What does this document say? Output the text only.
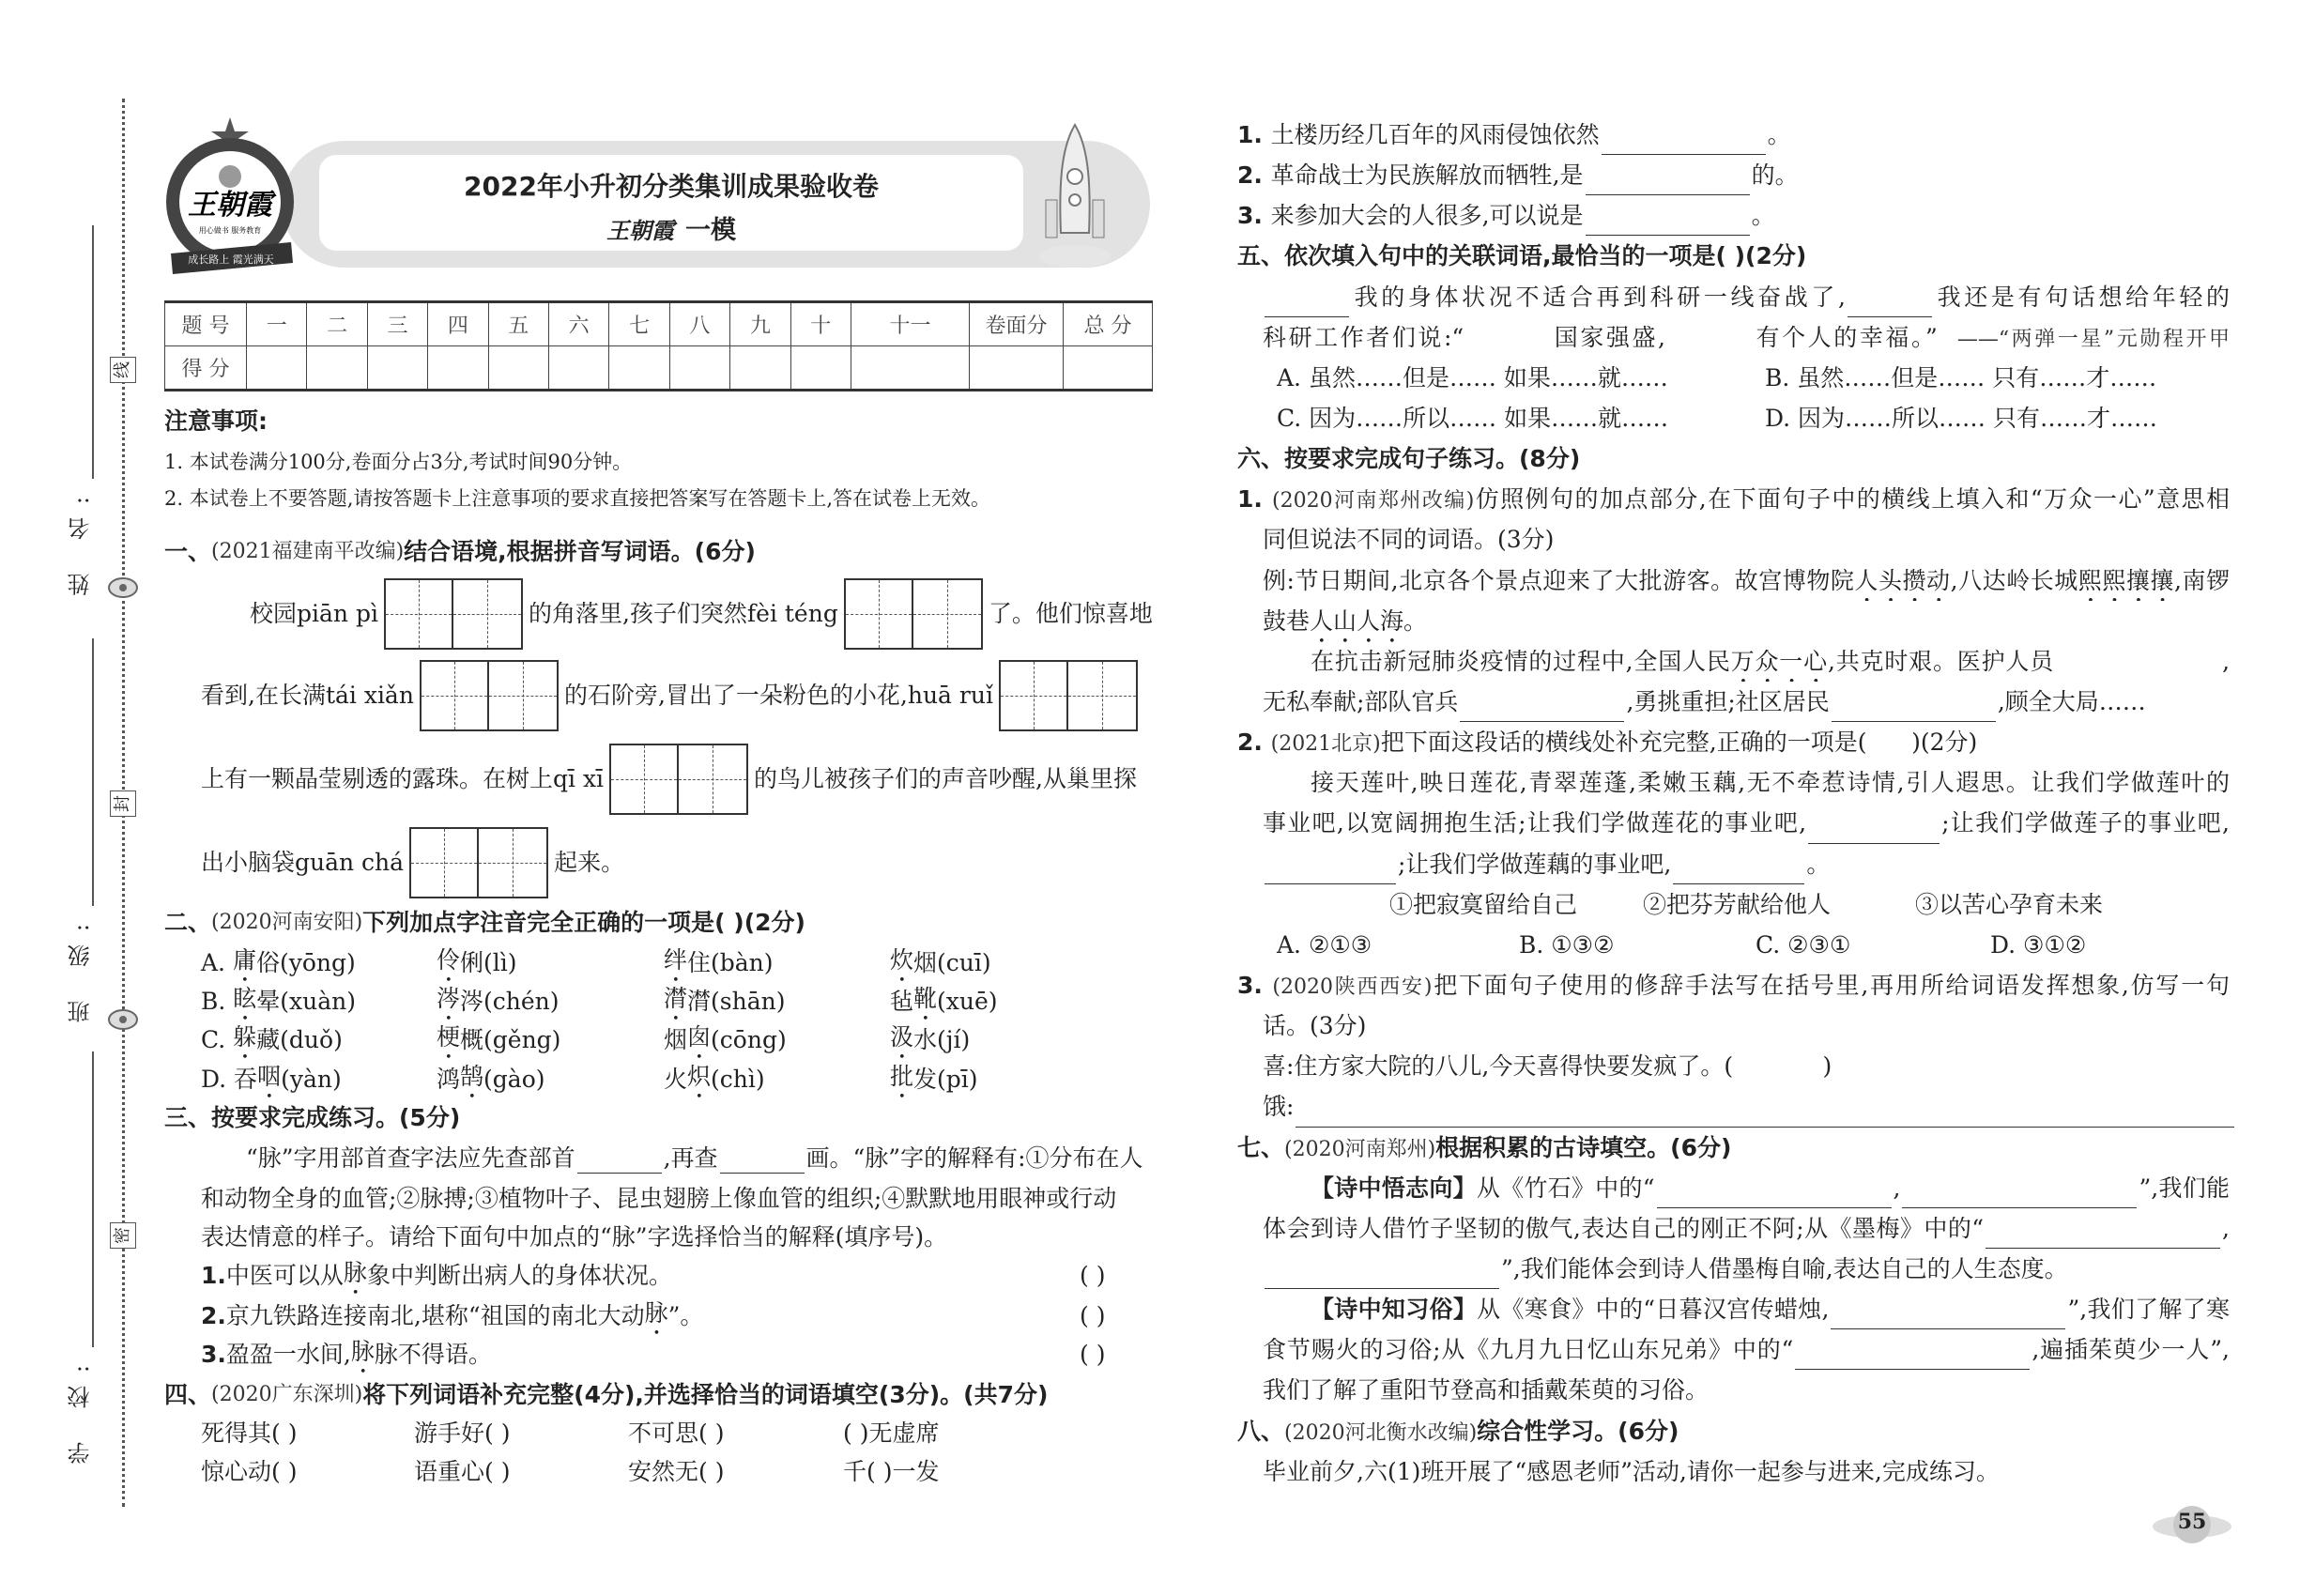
姓 名:
班 级:
学 校:
线
封
密
2022年小升初分类集训成果验收卷
王朝霞 一模
王朝霞
用心做书 服务教育
成长路上 霞光满天
题 号	一	二	三	四	五	六	七	八	九	十	十一	卷面分	总 分
得 分													
注意事项:
1. 本试卷满分100分,卷面分占3分,考试时间90分钟。
2. 本试卷上不要答题,请按答题卡上注意事项的要求直接把答案写在答题卡上,答在试卷上无效。
一、 (2021福建南平改编) 结合语境,根据拼音写词语。(6分)
校园piān pì	的角落里,孩子们突然fèi téng	了。他们惊喜地
看到,在长满tái xiǎn	的石阶旁,冒出了一朵粉色的小花,huā ruǐ
上有一颗晶莹剔透的露珠。在树上qī xī	的鸟儿被孩子们的声音吵醒,从巢里探
出小脑袋guān chá	起来。
二、 (2020河南安阳) 下列加点字注音完全正确的一项是( )(2分)
A. 庸 俗(yōng)	伶 俐(lì)	绊 住(bàn)	炊 烟(cuī)
B. 眩 晕(xuàn)	涔 涔(chén)	潸 潸(shān)	毡 靴 (xuē)
C. 躲 藏(duǒ)	梗 概(gěng)	烟 囱 (cōng)	汲 水(jí)
D. 吞 咽 (yàn)	鸿 鹄 (gào)	火 炽 (chì)	批 发(pī)
三、按要求完成练习。(5分)
“脉”字用部首查字法应先查部首	,再查	画。“脉”字的解释有:①分布在人
和动物全身的血管;②脉搏;③植物叶子、昆虫翅膀上像血管的组织;④默默地用眼神或行动
表达情意的样子。请给下面句中加点的“脉”字选择恰当的解释(填序号)。
1. 中医可以从 脉 象中判断出病人的身体状况。
2. 京九铁路连接南北,堪称“祖国的南北大动 脉 ”。
3. 盈盈一水间, 脉 脉不得语。
( )
( )
( )
四、 (2020广东深圳) 将下列词语补充完整(4分),并选择恰当的词语填空(3分)。(共7分)
死得其( )	游手好( )	不可思( )	( )无虚席
惊心动( )	语重心( )	安然无( )	千( )一发
1. 土楼历经几百年的风雨侵蚀依然	。
2. 革命战士为民族解放而牺牲,是	的。
3. 来参加大会的人很多,可以说是	。
五、依次填入句中的关联词语,最恰当的一项是( )(2分)
我的身体状况不适合再到科研一线奋战了,	我还是有句话想给年轻的
科研工作者们说:“	国家强盛,	有个人的幸福。”  ——“两弹一星”元勋程开甲
A. 虽然……但是…… 如果……就……	B. 虽然……但是…… 只有……才……
C. 因为……所以…… 如果……就……	D. 因为……所以…… 只有……才……
六、按要求完成句子练习。(8分)
1. (2020河南郑州改编)仿照例句的加点部分,在下面句子中的横线上填入和“万众一心”意思相
同但说法不同的词语。(3分)
例:节日期间,北京各个景点迎来了大批游客。故宫博物院人头攒动,八达岭长城熙熙攘攘,南锣
鼓巷人山人海。
在抗击新冠肺炎疫情的过程中,全国人民万众一心,共克时艰。医护人员	,
无私奉献;部队官兵	,勇挑重担;社区居民	,顾全大局……
2. (2021北京)把下面这段话的横线处补充完整,正确的一项是(      )(2分)
接天莲叶,映日莲花,青翠莲蓬,柔嫩玉藕,无不牵惹诗情,引人遐思。让我们学做莲叶的
事业吧,以宽阔拥抱生活;让我们学做莲花的事业吧,	;让我们学做莲子的事业吧,
;让我们学做莲藕的事业吧,	。
①把寂寞留给自己	②把芬芳献给他人	③以苦心孕育未来
A. ②①③	B. ①③②	C. ②③①	D. ③①②
3. (2020陕西西安)把下面句子使用的修辞手法写在括号里,再用所给词语发挥想象,仿写一句
话。(3分)
喜:住方家大院的八儿,今天喜得快要发疯了。(            )
饿:
七、(2020河南郑州)根据积累的古诗填空。(6分)
【诗中悟志向】从《竹石》中的“	,	”,我们能
体会到诗人借竹子坚韧的傲气,表达自己的刚正不阿;从《墨梅》中的“	,
”,我们能体会到诗人借墨梅自喻,表达自己的人生态度。
【诗中知习俗】从《寒食》中的“日暮汉宫传蜡烛,	”,我们了解了寒
食节赐火的习俗;从《九月九日忆山东兄弟》中的“	,遍插茱萸少一人”,
我们了解了重阳节登高和插戴茱萸的习俗。
八、(2020河北衡水改编)综合性学习。(6分)
毕业前夕,六(1)班开展了“感恩老师”活动,请你一起参与进来,完成练习。
55
